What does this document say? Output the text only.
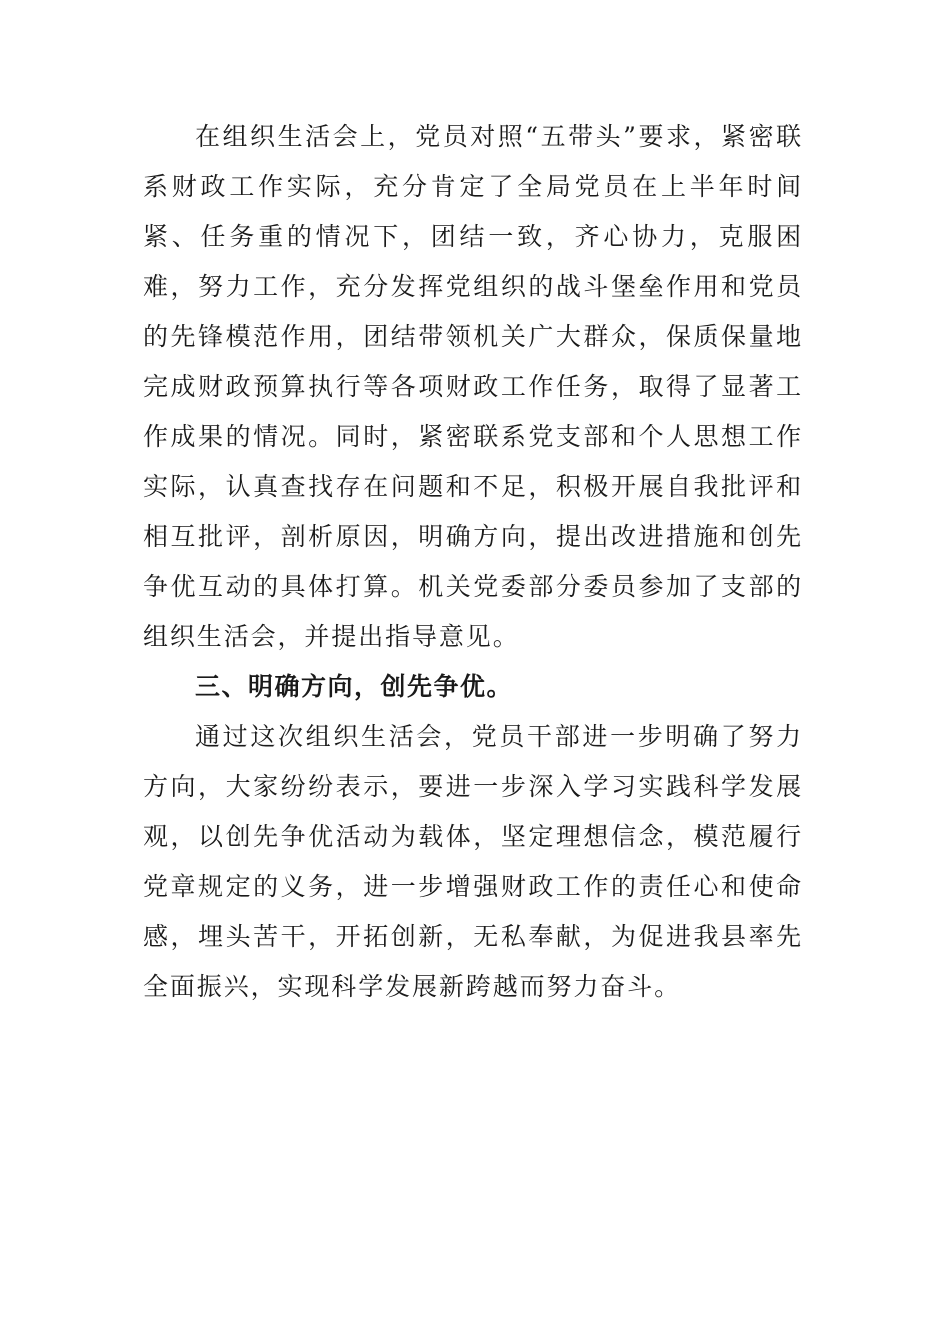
在组织生活会上，党员对照“五带头”要求，紧密联系财政工作实际，充分肯定了全局党员在上半年时间紧、任务重的情况下，团结一致，齐心协力，克服困难，努力工作，充分发挥党组织的战斗堡垒作用和党员的先锋模范作用，团结带领机关广大群众，保质保量地完成财政预算执行等各项财政工作任务，取得了显著工作成果的情况。同时，紧密联系党支部和个人思想工作实际，认真查找存在问题和不足，积极开展自我批评和相互批评，剖析原因，明确方向，提出改进措施和创先争优互动的具体打算。机关党委部分委员参加了支部的组织生活会，并提出指导意见。

三、明确方向，创先争优。

通过这次组织生活会，党员干部进一步明确了努力方向，大家纷纷表示，要进一步深入学习实践科学发展观，以创先争优活动为载体，坚定理想信念，模范履行党章规定的义务，进一步增强财政工作的责任心和使命感，埋头苦干，开拓创新，无私奉献，为促进我县率先全面振兴，实现科学发展新跨越而努力奋斗。
